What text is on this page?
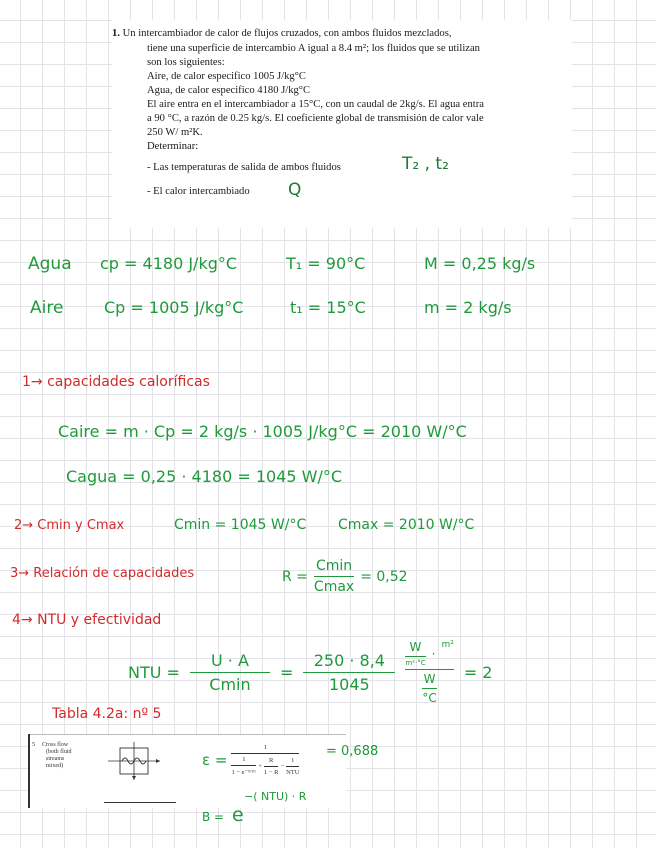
1. Un intercambiador de calor de flujos cruzados, con ambos fluidos mezclados,
tiene una superficie de intercambio A igual a 8.4 m²; los fluidos que se utilizan
son los siguientes:
Aire, de calor especifico 1005 J/kg°C
Agua, de calor especifico 4180 J/kg°C
El aire entra en el intercambiador a 15°C, con un caudal de 2kg/s. El agua entra
a 90 °C, a razón de 0.25 kg/s. El coeficiente global de transmisión de calor vale
250 W/ m²K.
Determinar:
- Las temperaturas de salida de ambos fluidos	T₂ , t₂
- El calor intercambiado Q
Agua cp = 4180 J/kg°C	T₁ = 90°C	M = 0,25 kg/s
Aire	Cp = 1005 J/kg°C	t₁ = 15°C	m = 2 kg/s
1→ capacidades caloríficas
Caire = m · Cp = 2 kg/s · 1005 J/kg°C = 2010 W/°C
Cagua = 0,25 · 4180 = 1045 W/°C
2→ Cmin y Cmax	Cmin = 1045 W/°C Cmax = 2010 W/°C
3→ Relación de capacidades	$R = \frac{Cmin}{Cmax} = 0,52$
4→ NTU y efectividad
NTU = $\frac{U \cdot A}{Cmin} = \frac{250 \cdot 8,4}{1045} \frac{W}{\text{m²·°C}}$ ·
m²
$\frac{W}{^\circ C} = 2$
Tabla 4.2a: nº 5
5 Cross flow
(both fluid
streams
mixed)	ε =
1
$\frac{1}{\text{1 − e⁻ᴺᵀᵁ}} + \frac{R}{1 - R} - \frac{1}{\text{NTU}}$
= 0,688
B = e
−( NTU) · R
